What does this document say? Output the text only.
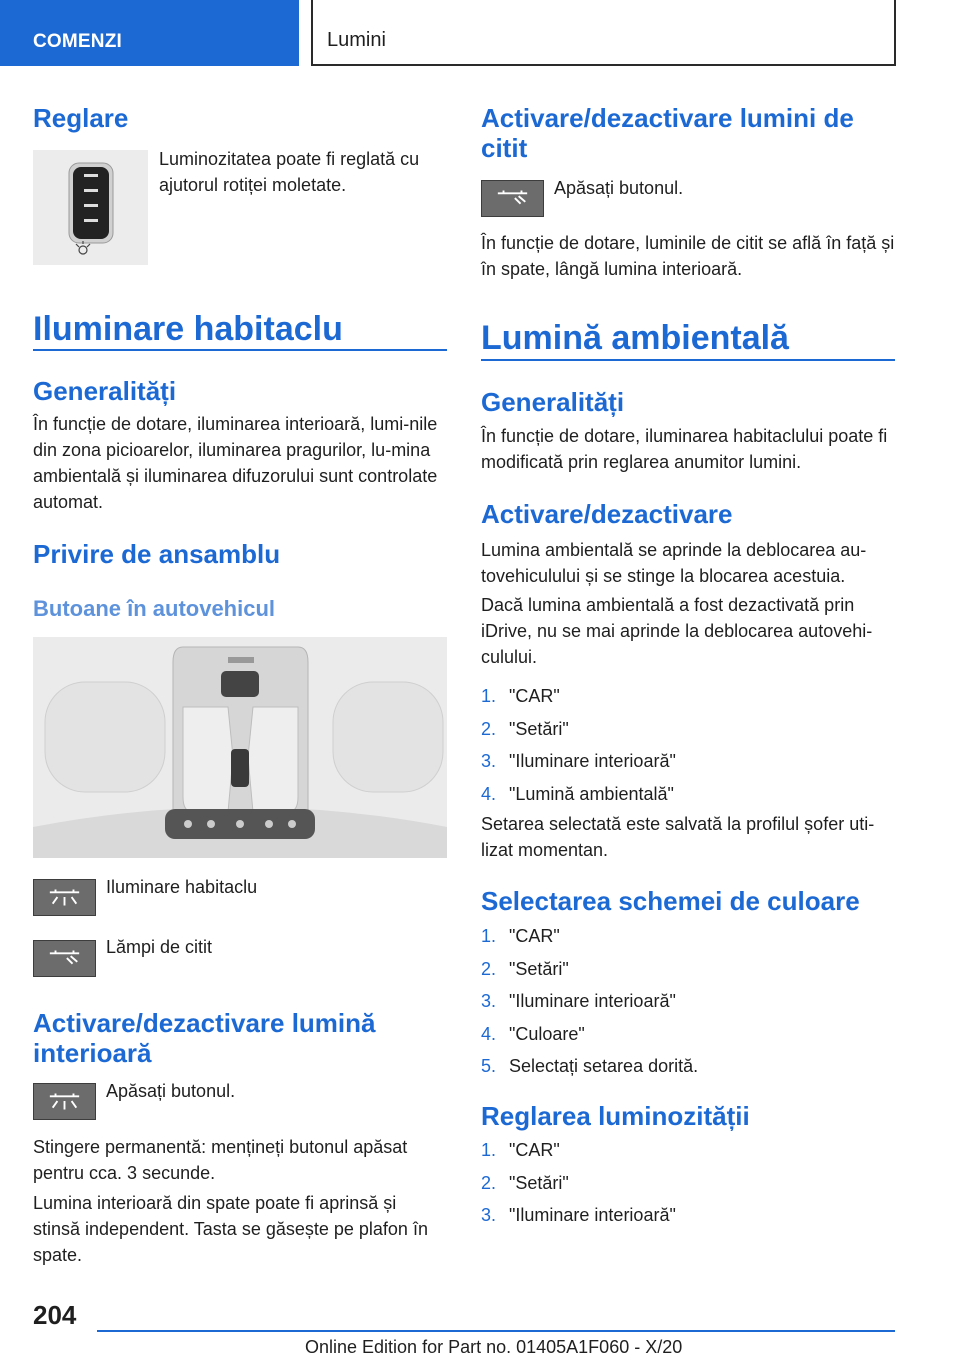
COMENZI	Lumini
Reglare
Luminozitatea poate fi reglată cu ajutorul rotiței moletate.
Iluminare habitaclu
Generalități
În funcție de dotare, iluminarea interioară, lumi-nile din zona picioarelor, iluminarea pragurilor, lu-mina ambientală și iluminarea difuzorului sunt controlate automat.
Privire de ansamblu
Butoane în autovehicul
Iluminare habitaclu
Lămpi de citit
Activare/dezactivare lumină interioară
Apăsați butonul.
Stingere permanentă: mențineți butonul apăsat pentru cca. 3 secunde.
Lumina interioară din spate poate fi aprinsă și stinsă independent. Tasta se găsește pe plafon în spate.
Activare/dezactivare lumini de citit
Apăsați butonul.
În funcție de dotare, luminile de citit se află în față și în spate, lângă lumina interioară.
Lumină ambientală
Generalități
În funcție de dotare, iluminarea habitaclului poate fi modificată prin reglarea anumitor lumini.
Activare/dezactivare
Lumina ambientală se aprinde la deblocarea au-tovehiculului și se stinge la blocarea acestuia.
Dacă lumina ambientală a fost dezactivată prin iDrive, nu se mai aprinde la deblocarea autovehi-culului.
1. "CAR"
2. "Setări"
3. "Iluminare interioară"
4. "Lumină ambientală"
Setarea selectată este salvată la profilul șofer uti-lizat momentan.
Selectarea schemei de culoare
1. "CAR"
2. "Setări"
3. "Iluminare interioară"
4. "Culoare"
5. Selectați setarea dorită.
Reglarea luminozității
1. "CAR"
2. "Setări"
3. "Iluminare interioară"
204
Online Edition for Part no. 01405A1F060 - X/20
